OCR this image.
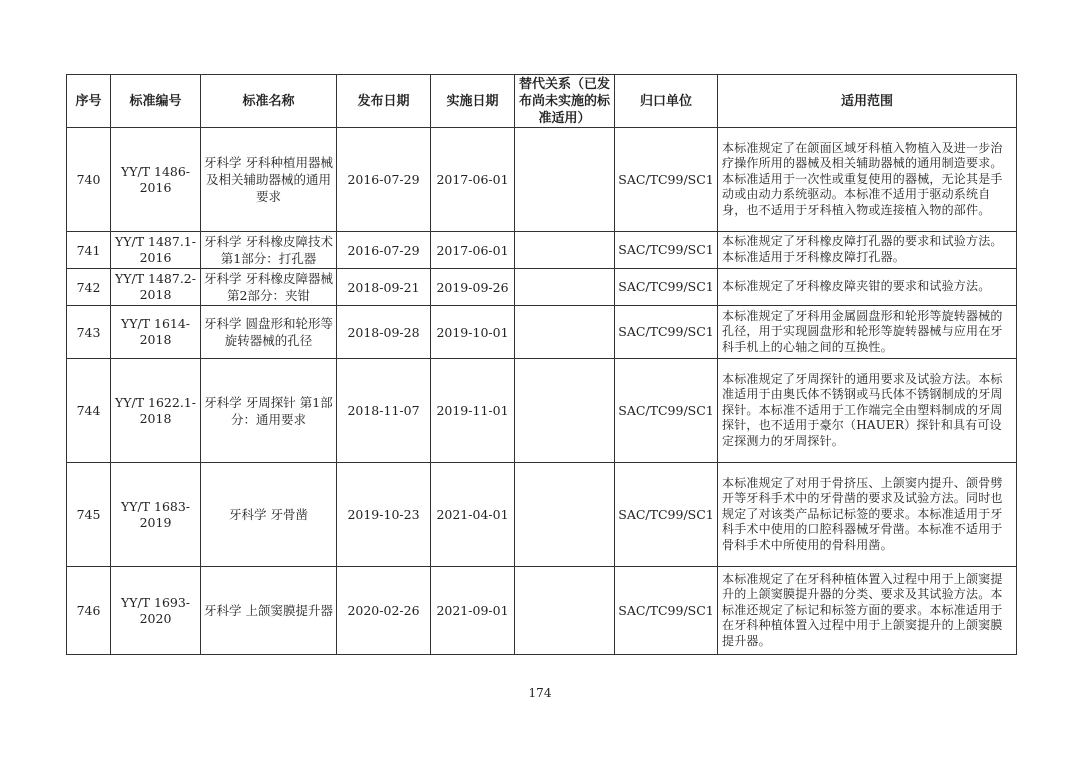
序号	标准编号	标准名称	发布日期	实施日期	替代关系（已发布尚未实施的标准适用）	归口单位	适用范围
740	YY/T 1486-2016	牙科学 牙科种植用器械及相关辅助器械的通用要求	2016-07-29	2017-06-01		SAC/TC99/SC1	本标准规定了在颌面区域牙科植入物植入及进一步治疗操作所用的器械及相关辅助器械的通用制造要求。本标准适用于一次性或重复使用的器械，无论其是手动或由动力系统驱动。本标准不适用于驱动系统自身，也不适用于牙科植入物或连接植入物的部件。
741	YY/T 1487.1-2016	牙科学 牙科橡皮障技术 第1部分：打孔器	2016-07-29	2017-06-01		SAC/TC99/SC1	本标准规定了牙科橡皮障打孔器的要求和试验方法。本标准适用于牙科橡皮障打孔器。
742	YY/T 1487.2-2018	牙科学 牙科橡皮障器械 第2部分：夹钳	2018-09-21	2019-09-26		SAC/TC99/SC1	本标准规定了牙科橡皮障夹钳的要求和试验方法。
743	YY/T 1614-2018	牙科学 圆盘形和轮形等旋转器械的孔径	2018-09-28	2019-10-01		SAC/TC99/SC1	本标准规定了牙科用金属圆盘形和轮形等旋转器械的孔径，用于实现圆盘形和轮形等旋转器械与应用在牙科手机上的心轴之间的互换性。
744	YY/T 1622.1-2018	牙科学 牙周探针 第1部分：通用要求	2018-11-07	2019-11-01		SAC/TC99/SC1	本标准规定了牙周探针的通用要求及试验方法。本标准适用于由奥氏体不锈钢或马氏体不锈钢制成的牙周探针。本标准不适用于工作端完全由塑料制成的牙周探针，也不适用于豪尔（HAUER）探针和具有可设定探测力的牙周探针。
745	YY/T 1683-2019	牙科学 牙骨凿	2019-10-23	2021-04-01		SAC/TC99/SC1	本标准规定了对用于骨挤压、上颌窦内提升、颌骨劈开等牙科手术中的牙骨凿的要求及试验方法。同时也规定了对该类产品标记标签的要求。本标准适用于牙科手术中使用的口腔科器械牙骨凿。本标准不适用于骨科手术中所使用的骨科用凿。
746	YY/T 1693-2020	牙科学 上颌窦膜提升器	2020-02-26	2021-09-01		SAC/TC99/SC1	本标准规定了在牙科种植体置入过程中用于上颌窦提升的上颌窦膜提升器的分类、要求及其试验方法。本标准还规定了标记和标签方面的要求。本标准适用于在牙科种植体置入过程中用于上颌窦提升的上颌窦膜提升器。
174
